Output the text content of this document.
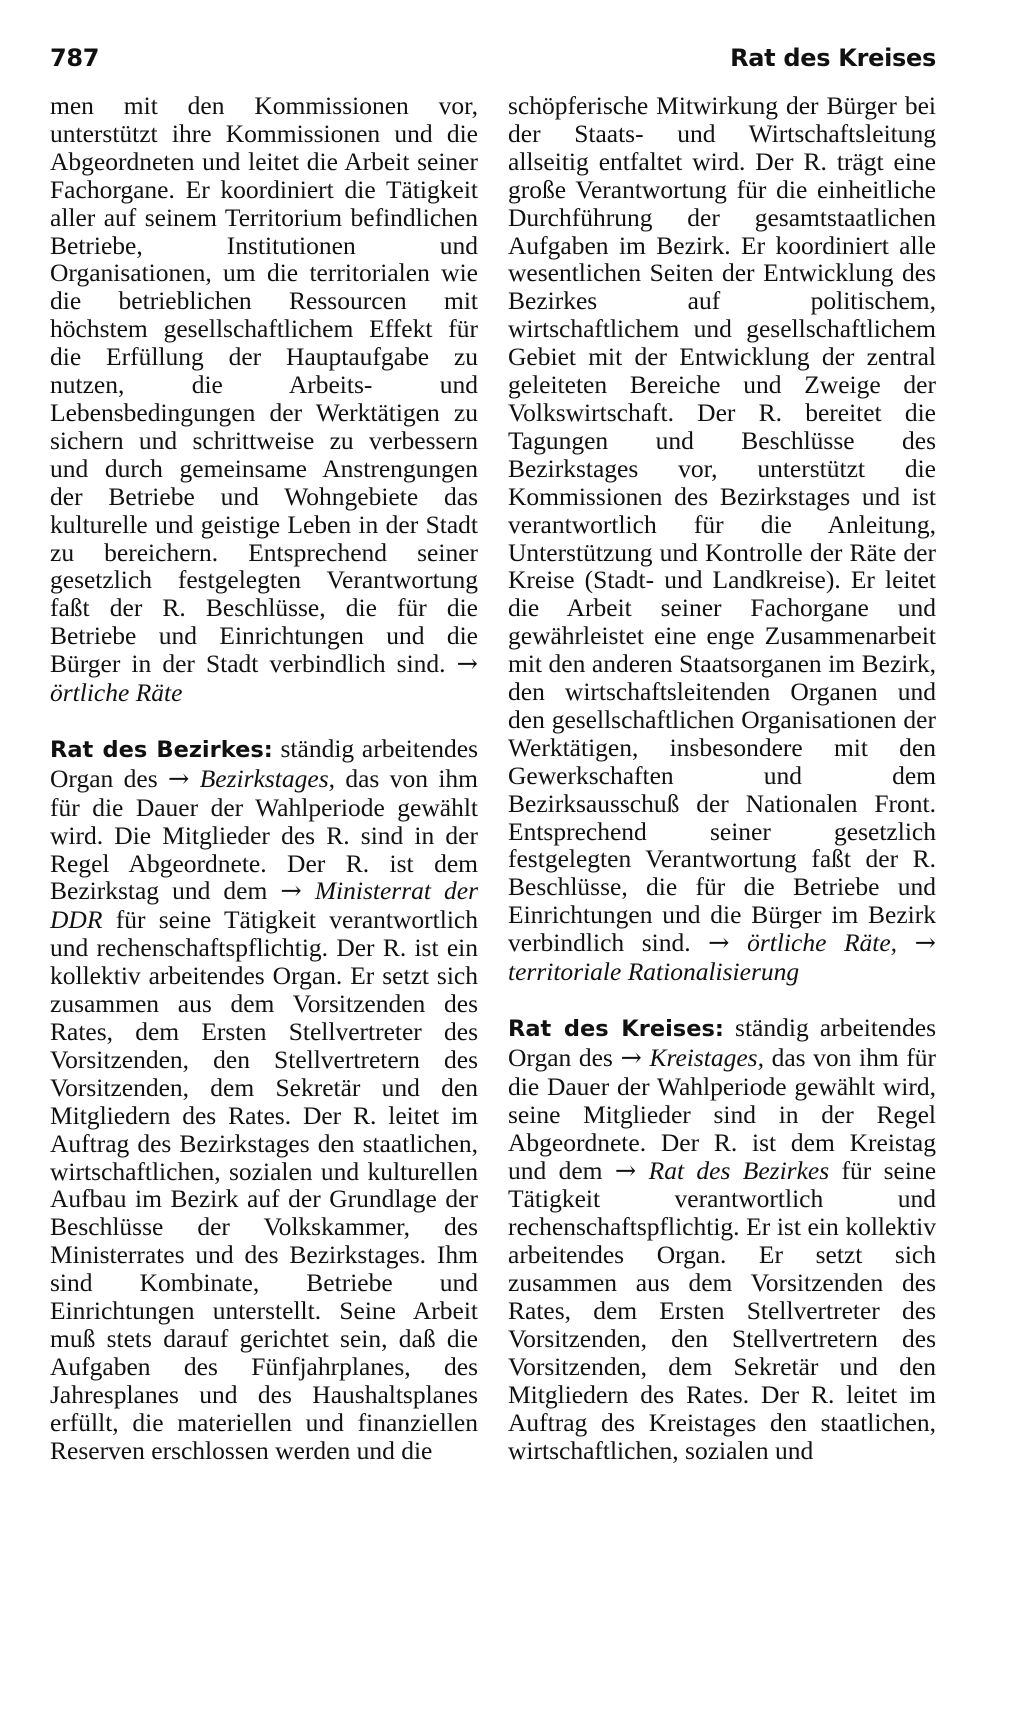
787	Rat des Kreises

men mit den Kommissionen vor, unterstützt ihre Kommissionen und die Abgeordneten und leitet die Arbeit seiner Fachorgane. Er koordiniert die Tätigkeit aller auf seinem Territorium befindlichen Betriebe, Institutionen und Organisationen, um die territorialen wie die betrieblichen Ressourcen mit höchstem gesellschaftlichem Effekt für die Erfüllung der Hauptaufgabe zu nutzen, die Arbeits- und Lebensbedingungen der Werktätigen zu sichern und schrittweise zu verbessern und durch gemeinsame Anstrengungen der Betriebe und Wohngebiete das kulturelle und geistige Leben in der Stadt zu bereichern. Entsprechend seiner gesetzlich festgelegten Verantwortung faßt der R. Beschlüsse, die für die Betriebe und Einrichtungen und die Bürger in der Stadt verbindlich sind. → örtliche Räte

Rat des Bezirkes: ständig arbeitendes Organ des → Bezirkstages, das von ihm für die Dauer der Wahlperiode gewählt wird. Die Mitglieder des R. sind in der Regel Abgeordnete. Der R. ist dem Bezirkstag und dem → Ministerrat der DDR für seine Tätigkeit verantwortlich und rechenschaftspflichtig. Der R. ist ein kollektiv arbeitendes Organ. Er setzt sich zusammen aus dem Vorsitzenden des Rates, dem Ersten Stellvertreter des Vorsitzenden, den Stellvertretern des Vorsitzenden, dem Sekretär und den Mitgliedern des Rates. Der R. leitet im Auftrag des Bezirkstages den staatlichen, wirtschaftlichen, sozialen und kulturellen Aufbau im Bezirk auf der Grundlage der Beschlüsse der Volkskammer, des Ministerrates und des Bezirkstages. Ihm sind Kombinate, Betriebe und Einrichtungen unterstellt. Seine Arbeit muß stets darauf gerichtet sein, daß die Aufgaben des Fünfjahrplanes, des Jahresplanes und des Haushaltsplanes erfüllt, die materiellen und finanziellen Reserven erschlossen werden und die

schöpferische Mitwirkung der Bürger bei der Staats- und Wirtschaftsleitung allseitig entfaltet wird. Der R. trägt eine große Verantwortung für die einheitliche Durchführung der gesamtstaatlichen Aufgaben im Bezirk. Er koordiniert alle wesentlichen Seiten der Entwicklung des Bezirkes auf politischem, wirtschaftlichem und gesellschaftlichem Gebiet mit der Entwicklung der zentral geleiteten Bereiche und Zweige der Volkswirtschaft. Der R. bereitet die Tagungen und Beschlüsse des Bezirkstages vor, unterstützt die Kommissionen des Bezirkstages und ist verantwortlich für die Anleitung, Unterstützung und Kontrolle der Räte der Kreise (Stadt- und Landkreise). Er leitet die Arbeit seiner Fachorgane und gewährleistet eine enge Zusammenarbeit mit den anderen Staatsorganen im Bezirk, den wirtschaftsleitenden Organen und den gesellschaftlichen Organisationen der Werktätigen, insbesondere mit den Gewerkschaften und dem Bezirksausschuß der Nationalen Front. Entsprechend seiner gesetzlich festgelegten Verantwortung faßt der R. Beschlüsse, die für die Betriebe und Einrichtungen und die Bürger im Bezirk verbindlich sind. → örtliche Räte, → territoriale Rationalisierung

Rat des Kreises: ständig arbeitendes Organ des → Kreistages, das von ihm für die Dauer der Wahlperiode gewählt wird, seine Mitglieder sind in der Regel Abgeordnete. Der R. ist dem Kreistag und dem → Rat des Bezirkes für seine Tätigkeit verantwortlich und rechenschaftspflichtig. Er ist ein kollektiv arbeitendes Organ. Er setzt sich zusammen aus dem Vorsitzenden des Rates, dem Ersten Stellvertreter des Vorsitzenden, den Stellvertretern des Vorsitzenden, dem Sekretär und den Mitgliedern des Rates. Der R. leitet im Auftrag des Kreistages den staatlichen, wirtschaftlichen, sozialen und
